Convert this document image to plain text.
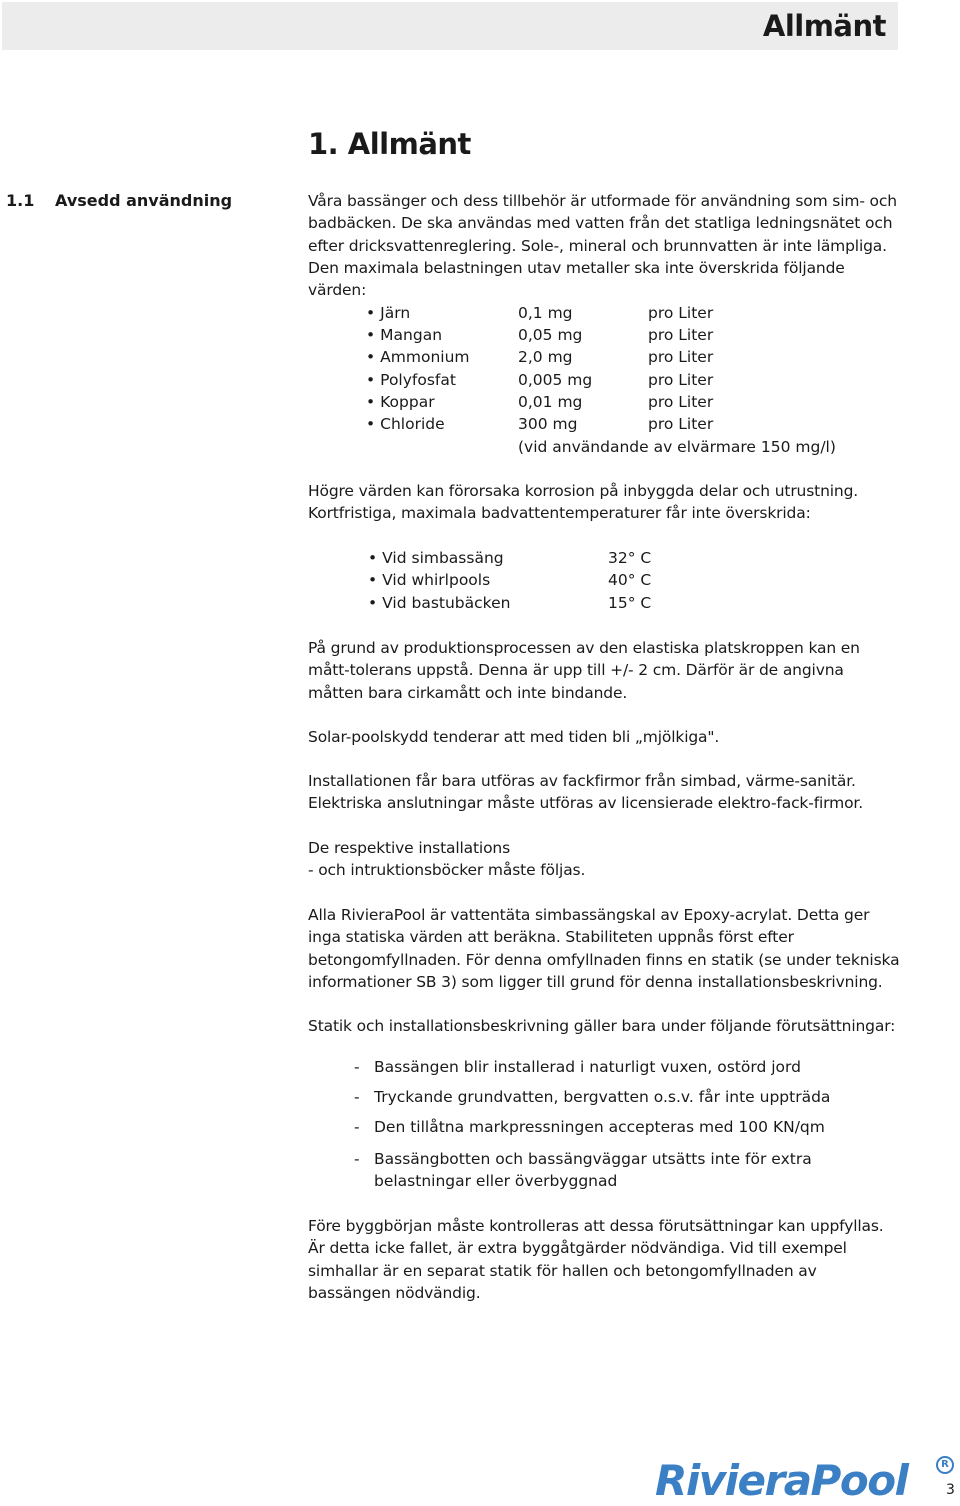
Allmänt
1. Allmänt
1.1 Avsedd användning	Våra bassänger och dess tillbehör är utformade för användning som sim- och badbäcken. De ska användas med vatten från det statliga ledningsnätet och efter dricksvattenreglering. Sole-, mineral och brunnvatten är inte lämpliga. Den maximala belastningen utav metaller ska inte överskrida följande värden:
• Järn	0,1 mg	pro Liter
• Mangan	0,05 mg	pro Liter
• Ammonium	2,0 mg	pro Liter
• Polyfosfat	0,005 mg	pro Liter
• Koppar	0,01 mg	pro Liter
• Chloride	300 mg	pro Liter
(vid användande av elvärmare 150 mg/l)
Högre värden kan förorsaka korrosion på inbyggda delar och utrustning. Kortfristiga, maximala badvattentemperaturer får inte överskrida:
• Vid simbassäng	32° C
• Vid whirlpools	40° C
• Vid bastubäcken	15° C
På grund av produktionsprocessen av den elastiska platskroppen kan en mått-tolerans uppstå. Denna är upp till +/- 2 cm. Därför är de angivna måtten bara cirkamått och inte bindande.
Solar-poolskydd tenderar att med tiden bli „mjölkiga".
Installationen får bara utföras av fackfirmor från simbad, värme-sanitär. Elektriska anslutningar måste utföras av licensierade elektro-fack-firmor.
De respektive installations
- och intruktionsböcker måste följas.
Alla RivieraPool är vattentäta simbassängskal av Epoxy-acrylat. Detta ger inga statiska värden att beräkna. Stabiliteten uppnås först efter betongomfyllnaden. För denna omfyllnaden finns en statik (se under tekniska informationer SB 3) som ligger till grund för denna installationsbeskrivning.
Statik och installationsbeskrivning gäller bara under följande förutsättningar:
- Bassängen blir installerad i naturligt vuxen, ostörd jord
- Tryckande grundvatten, bergvatten o.s.v. får inte uppträda
- Den tillåtna markpressningen accepteras med 100 KN/qm
- Bassängbotten och bassängväggar utsätts inte för extra belastningar eller överbyggnad
Före byggbörjan måste kontrolleras att dessa förutsättningar kan uppfyllas. Är detta icke fallet, är extra byggåtgärder nödvändiga. Vid till exempel simhallar är en separat statik för hallen och betongomfyllnaden av bassängen nödvändig.
RivieraPool	R
3
